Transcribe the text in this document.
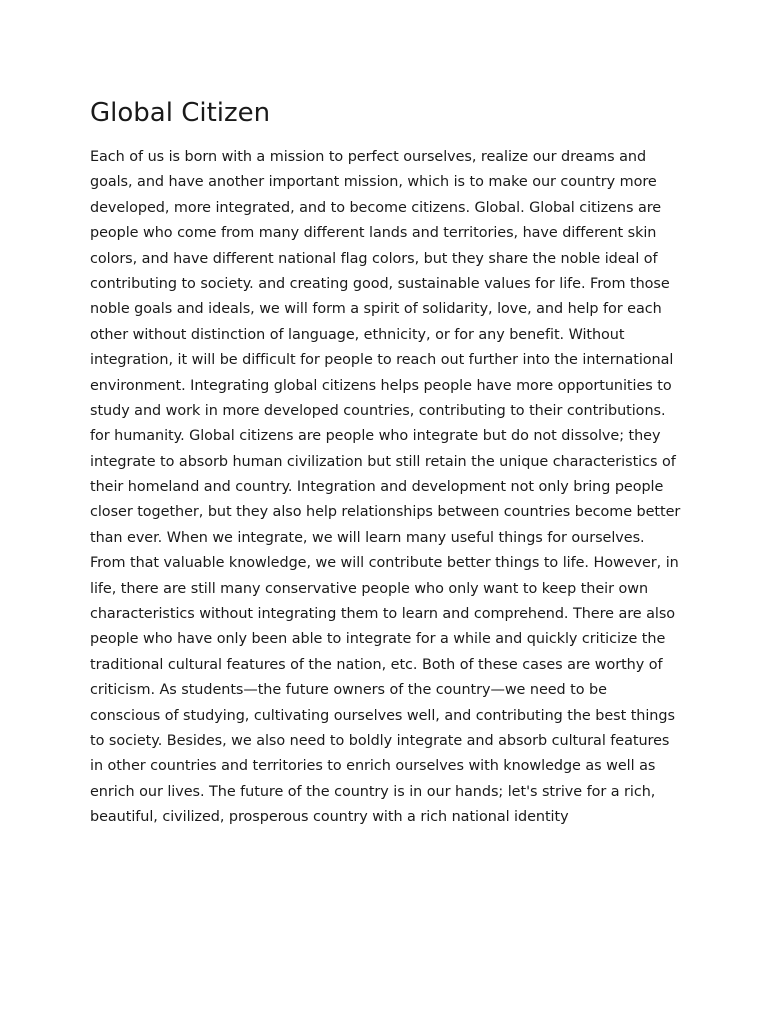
Global Citizen
Each of us is born with a mission to perfect ourselves, realize our dreams and
goals, and have another important mission, which is to make our country more
developed, more integrated, and to become citizens. Global. Global citizens are
people who come from many different lands and territories, have different skin
colors, and have different national flag colors, but they share the noble ideal of
contributing to society. and creating good, sustainable values for life. From those
noble goals and ideals, we will form a spirit of solidarity, love, and help for each
other without distinction of language, ethnicity, or for any benefit. Without
integration, it will be difficult for people to reach out further into the international
environment. Integrating global citizens helps people have more opportunities to
study and work in more developed countries, contributing to their contributions.
for humanity. Global citizens are people who integrate but do not dissolve; they
integrate to absorb human civilization but still retain the unique characteristics of
their homeland and country. Integration and development not only bring people
closer together, but they also help relationships between countries become better
than ever. When we integrate, we will learn many useful things for ourselves.
From that valuable knowledge, we will contribute better things to life. However, in
life, there are still many conservative people who only want to keep their own
characteristics without integrating them to learn and comprehend. There are also
people who have only been able to integrate for a while and quickly criticize the
traditional cultural features of the nation, etc. Both of these cases are worthy of
criticism. As students—the future owners of the country—we need to be
conscious of studying, cultivating ourselves well, and contributing the best things
to society. Besides, we also need to boldly integrate and absorb cultural features
in other countries and territories to enrich ourselves with knowledge as well as
enrich our lives. The future of the country is in our hands; let's strive for a rich,
beautiful, civilized, prosperous country with a rich national identity
